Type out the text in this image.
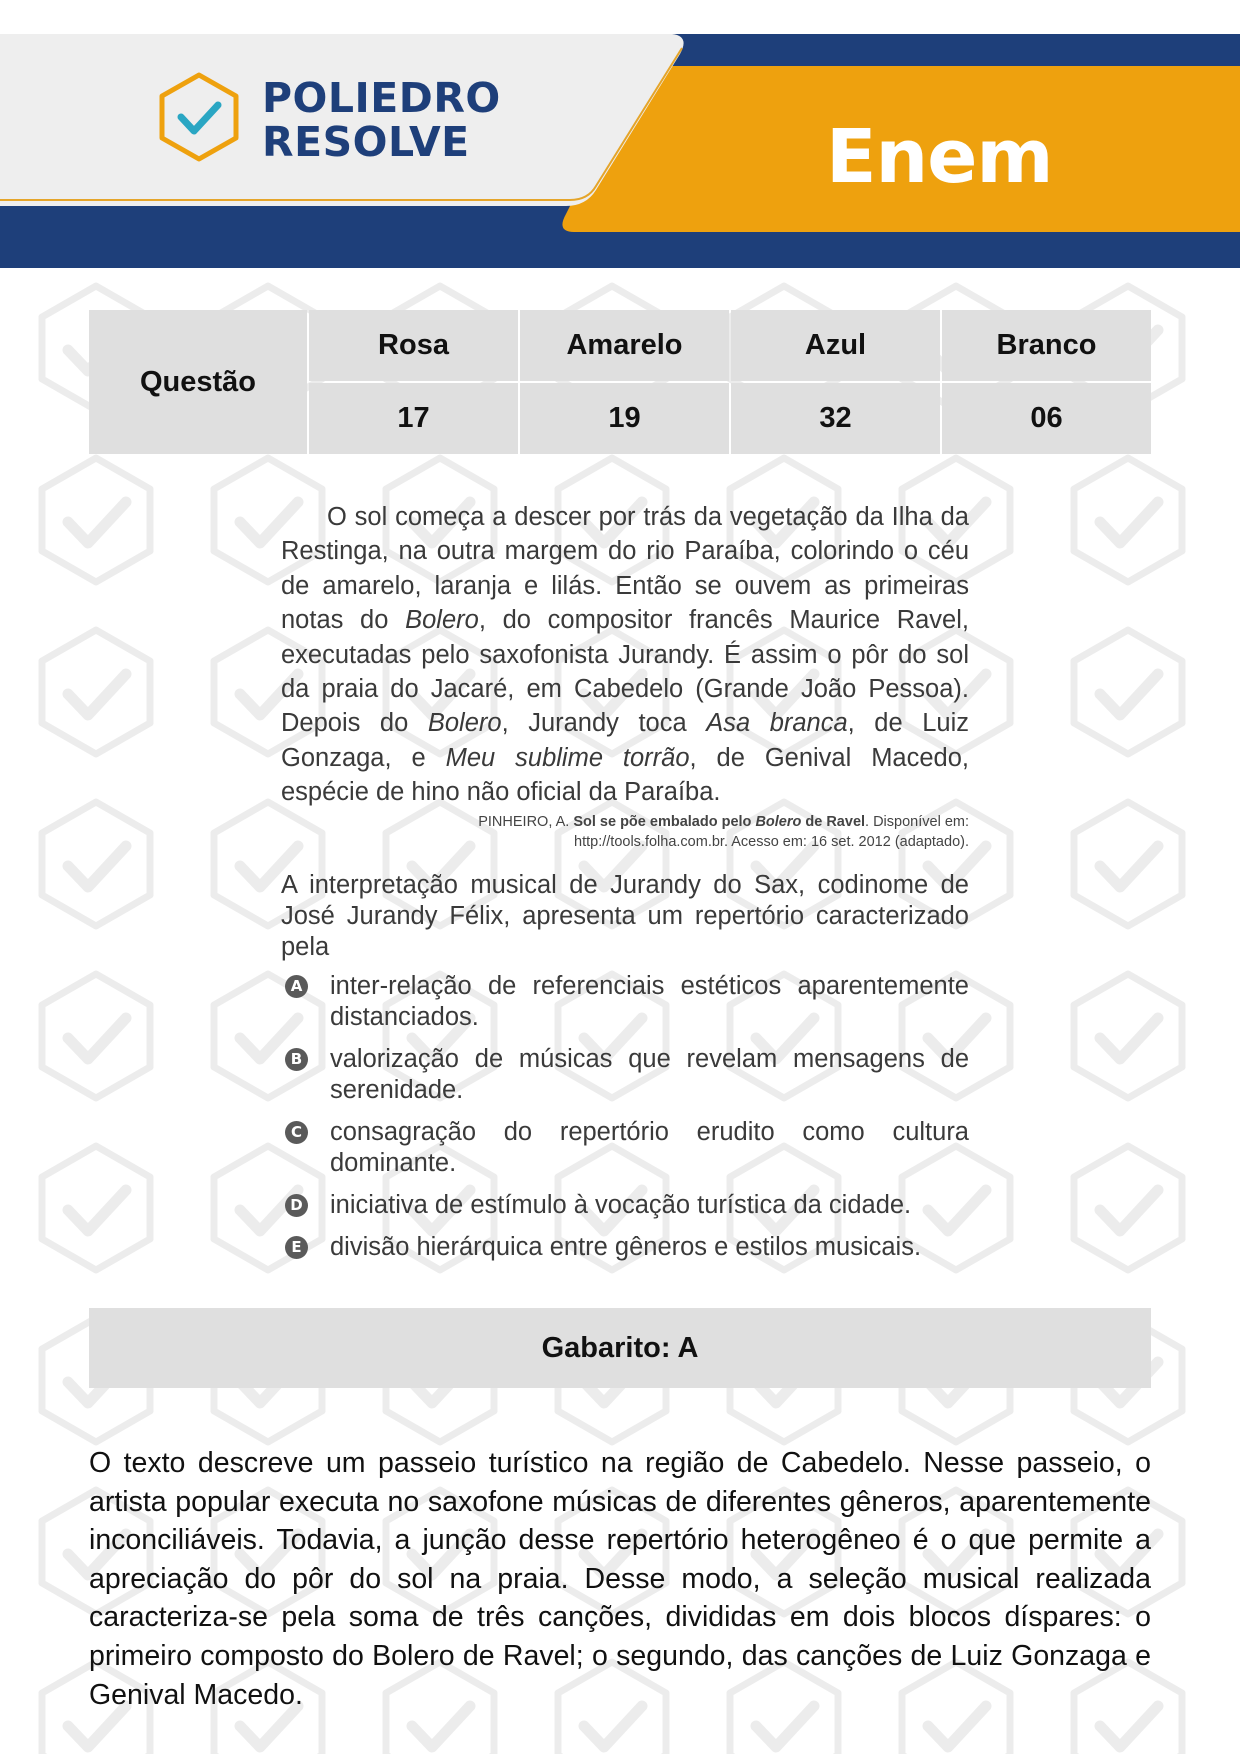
POLIEDRO
RESOLVE	Enem
Questão
Rosa	Amarelo	Azul	Branco
17	19	32	06

O sol começa a descer por trás da vegetação da Ilha da Restinga, na outra margem do rio Paraíba, colorindo o céu de amarelo, laranja e lilás. Então se ouvem as primeiras notas do Bolero, do compositor francês Maurice Ravel, executadas pelo saxofonista Jurandy. É assim o pôr do sol da praia do Jacaré, em Cabedelo (Grande João Pessoa). Depois do Bolero, Jurandy toca Asa branca, de Luiz Gonzaga, e Meu sublime torrão, de Genival Macedo, espécie de hino não oficial da Paraíba.

PINHEIRO, A. Sol se põe embalado pelo Bolero de Ravel. Disponível em:
http://tools.folha.com.br. Acesso em: 16 set. 2012 (adaptado).

A interpretação musical de Jurandy do Sax, codinome de José Jurandy Félix, apresenta um repertório caracterizado pela

A inter-relação de referenciais estéticos aparentemente distanciados.
B valorização de músicas que revelam mensagens de serenidade.
C consagração do repertório erudito como cultura dominante.
D iniciativa de estímulo à vocação turística da cidade.
E divisão hierárquica entre gêneros e estilos musicais.
Gabarito: A

O texto descreve um passeio turístico na região de Cabedelo. Nesse passeio, o artista popular executa no saxofone músicas de diferentes gêneros, aparentemente inconciliáveis. Todavia, a junção desse repertório heterogêneo é o que permite a apreciação do pôr do sol na praia. Desse modo, a seleção musical realizada caracteriza-se pela soma de três canções, divididas em dois blocos díspares: o primeiro composto do Bolero de Ravel; o segundo, das canções de Luiz Gonzaga e Genival Macedo.
